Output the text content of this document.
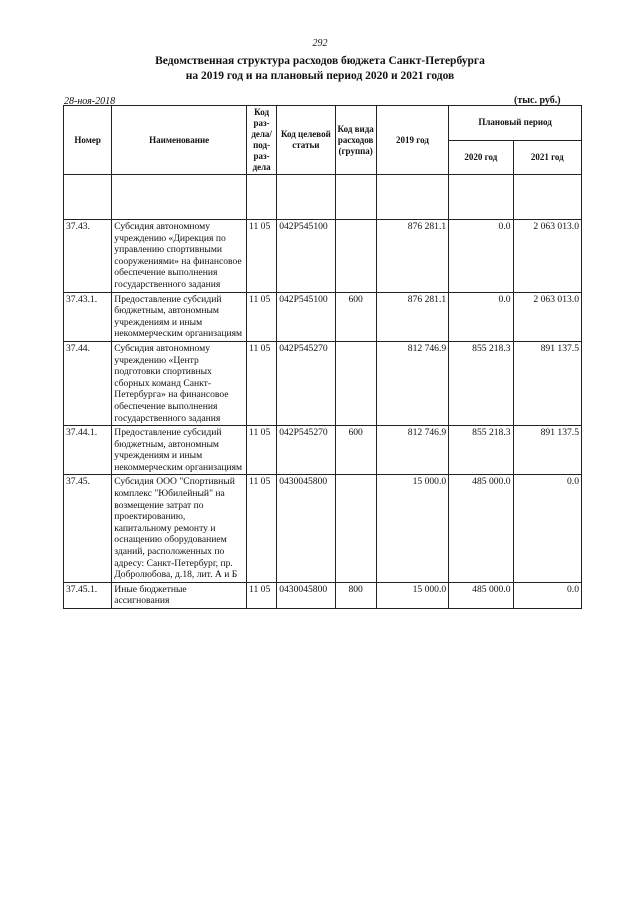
292
Ведомственная структура расходов бюджета Санкт-Петербурга
на 2019 год и на плановый период 2020 и 2021 годов
28-ноя-2018	(тыс. руб.)
Номер	Наименование	Код раз-дела/ под-раз-дела	Код целевой статьи	Код вида расходов (группа)	2019 год	Плановый период	
						2020 год	2021 год

37.43.	Субсидия автономному учреждению «Дирекция по управлению спортивными сооружениями» на финансовое обеспечение выполнения государственного задания	11 05	042P545100		876 281.1	0.0	2 063 013.0
37.43.1.	Предоставление субсидий бюджетным, автономным учреждениям и иным некоммерческим организациям	11 05	042P545100	600	876 281.1	0.0	2 063 013.0
37.44.	Субсидия автономному учреждению «Центр подготовки спортивных сборных команд Санкт-Петербурга» на финансовое обеспечение выполнения государственного задания	11 05	042P545270		812 746.9	855 218.3	891 137.5
37.44.1.	Предоставление субсидий бюджетным, автономным учреждениям и иным некоммерческим организациям	11 05	042P545270	600	812 746.9	855 218.3	891 137.5
37.45.	Субсидия ООО "Спортивный комплекс "Юбилейный" на возмещение затрат по проектированию, капитальному ремонту и оснащению оборудованием зданий, расположенных по адресу: Санкт-Петербург, пр. Добролюбова, д.18, лит. А и Б	11 05	0430045800		15 000.0	485 000.0	0.0
37.45.1.	Иные бюджетные ассигнования	11 05	0430045800	800	15 000.0	485 000.0	0.0
